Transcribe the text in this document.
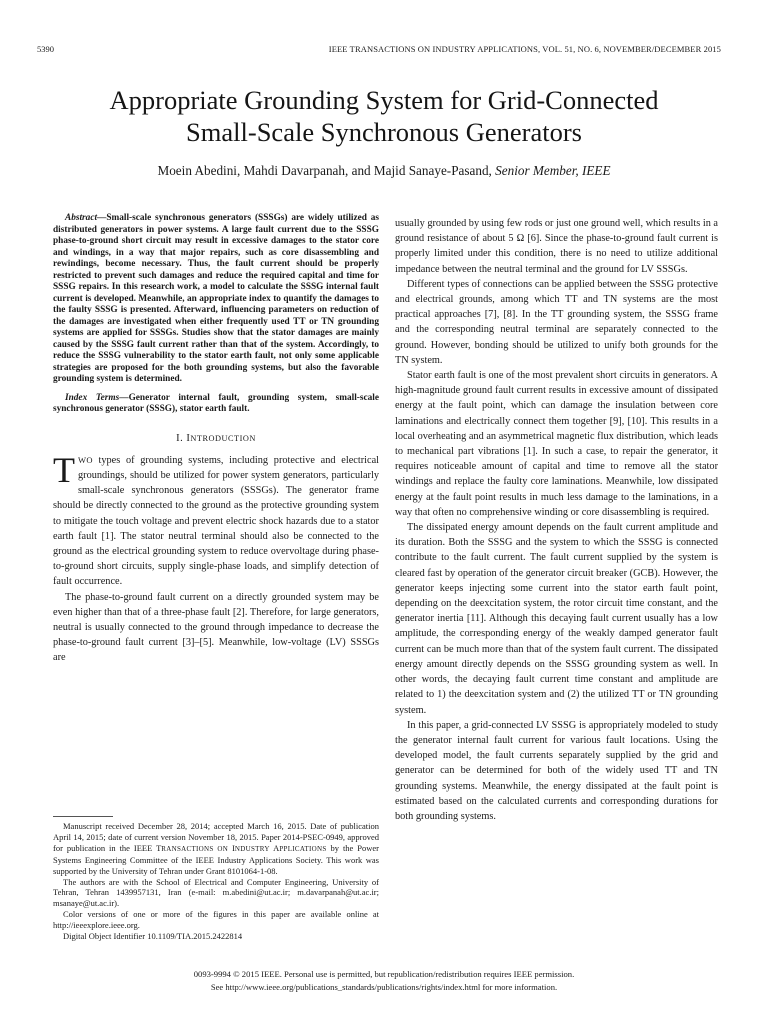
5390	IEEE TRANSACTIONS ON INDUSTRY APPLICATIONS, VOL. 51, NO. 6, NOVEMBER/DECEMBER 2015
Appropriate Grounding System for Grid-Connected
Small-Scale Synchronous Generators
Moein Abedini, Mahdi Davarpanah, and Majid Sanaye-Pasand, Senior Member, IEEE

Abstract—Small-scale synchronous generators (SSSGs) are widely utilized as distributed generators in power systems. A large fault current due to the SSSG phase-to-ground short circuit may result in excessive damages to the stator core and windings, in a way that major repairs, such as core disassembling and rewindings, become necessary. Thus, the fault current should be properly restricted to prevent such damages and reduce the required capital and time for SSSG repairs. In this research work, a model to calculate the SSSG internal fault current is developed. Meanwhile, an appropriate index to quantify the damages to the faulty SSSG is presented. Afterward, influencing parameters on reduction of the damages are investigated when either frequently used TT or TN grounding systems are applied for SSSGs. Studies show that the stator damages are mainly caused by the SSSG fault current rather than that of the system. Accordingly, to reduce the SSSG vulnerability to the stator earth fault, not only some applicable strategies are proposed for the both grounding systems, but also the favorable grounding system is determined.

Index Terms—Generator internal fault, grounding system, small-scale synchronous generator (SSSG), stator earth fault.

I. INTRODUCTION

TWO types of grounding systems, including protective and electrical groundings, should be utilized for power system generators, particularly small-scale synchronous generators (SSSGs). The generator frame should be directly connected to the ground as the protective grounding system to mitigate the touch voltage and prevent electric shock hazards due to a stator earth fault [1]. The stator neutral terminal should also be connected to the ground as the electrical grounding system to reduce overvoltage during phase-to-ground short circuits, supply single-phase loads, and simplify detection of fault occurrence.

The phase-to-ground fault current on a directly grounded system may be even higher than that of a three-phase fault [2]. Therefore, for large generators, neutral is usually connected to the ground through impedance to decrease the phase-to-ground fault current [3]–[5]. Meanwhile, low-voltage (LV) SSSGs are

Manuscript received December 28, 2014; accepted March 16, 2015. Date of publication April 14, 2015; date of current version November 18, 2015. Paper 2014-PSEC-0949, approved for publication in the IEEE TRANSACTIONS ON INDUSTRY APPLICATIONS by the Power Systems Engineering Committee of the IEEE Industry Applications Society. This work was supported by the University of Tehran under Grant 8101064-1-08.

The authors are with the School of Electrical and Computer Engineering, University of Tehran, Tehran 1439957131, Iran (e-mail: m.abedini@ut.ac.ir; m.davarpanah@ut.ac.ir; msanaye@ut.ac.ir).

Color versions of one or more of the figures in this paper are available online at http://ieeexplore.ieee.org.

Digital Object Identifier 10.1109/TIA.2015.2422814

usually grounded by using few rods or just one ground well, which results in a ground resistance of about 5 Ω [6]. Since the phase-to-ground fault current is properly limited under this condition, there is no need to utilize additional impedance between the neutral terminal and the ground for LV SSSGs.

Different types of connections can be applied between the SSSG protective and electrical grounds, among which TT and TN systems are the most practical approaches [7], [8]. In the TT grounding system, the SSSG frame and the corresponding neutral terminal are separately connected to the ground. However, bonding should be utilized to unify both grounds for the TN system.

Stator earth fault is one of the most prevalent short circuits in generators. A high-magnitude ground fault current results in excessive amount of dissipated energy at the fault point, which can damage the insulation between core laminations and electrically connect them together [9], [10]. This results in a local overheating and an asymmetrical magnetic flux distribution, which leads to mechanical part vibrations [1]. In such a case, to repair the generator, it requires noticeable amount of capital and time to remove all the stator windings and replace the faulty core laminations. Meanwhile, low dissipated energy at the fault point results in much less damage to the laminations, in a way that often no comprehensive winding or core disassembling is required.

The dissipated energy amount depends on the fault current amplitude and its duration. Both the SSSG and the system to which the SSSG is connected contribute to the fault current. The fault current supplied by the system is cleared fast by operation of the generator circuit breaker (GCB). However, the generator keeps injecting some current into the stator earth fault point, depending on the deexcitation system, the rotor circuit time constant, and the generator inertia [11]. Although this decaying fault current usually has a low amplitude, the corresponding energy of the weakly damped generator fault current can be much more than that of the system fault current. The dissipated energy amount directly depends on the SSSG grounding system as well. In other words, the decaying fault current time constant and amplitude are related to 1) the deexcitation system and (2) the utilized TT or TN grounding system.

In this paper, a grid-connected LV SSSG is appropriately modeled to study the generator internal fault current for various fault locations. Using the developed model, the fault currents separately supplied by the grid and generator can be determined for both of the widely used TT and TN grounding systems. Meanwhile, the energy dissipated at the fault point is estimated based on the calculated currents and corresponding durations for both grounding systems.

0093-9994 © 2015 IEEE. Personal use is permitted, but republication/redistribution requires IEEE permission.
See http://www.ieee.org/publications_standards/publications/rights/index.html for more information.
